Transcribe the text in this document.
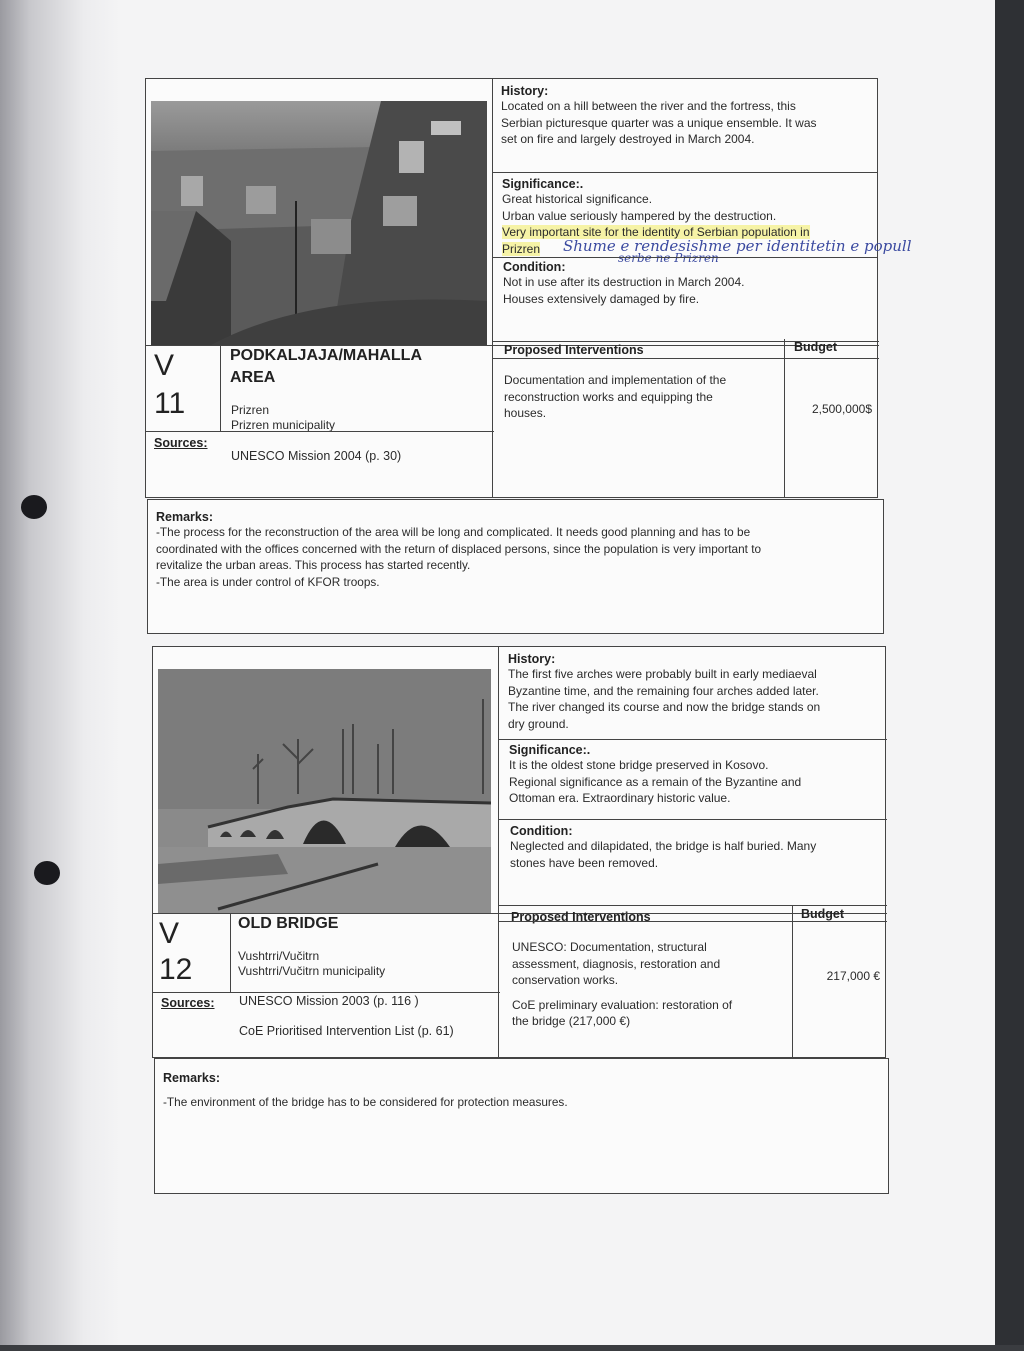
History:
Located on a hill between the river and the fortress, this
Serbian picturesque quarter was a unique ensemble. It was
set on fire and largely destroyed in March 2004.
Significance:.
Great historical significance.
Urban value seriously hampered by the destruction.
Very important site for the identity of Serbian population in
Prizren	Shume e rendesishme per identitetin e popull
serbe ne Prizren
Condition:
Not in use after its destruction in March 2004.
Houses extensively damaged by fire.
V
11
PODKALJAJA/MAHALLA
AREA
Prizren
Prizren municipality
Sources:
UNESCO Mission 2004 (p. 30)
Proposed Interventions	Budget
Documentation and implementation of the
reconstruction works and equipping the
houses.	2,500,000$
Remarks:
-The process for the reconstruction of the area will be long and complicated. It needs good planning and has to be
coordinated with the offices concerned with the return of displaced persons, since the population is very important to
revitalize the urban areas. This process has started recently.
-The area is under control of KFOR troops.
History:
The first five arches were probably built in early mediaeval
Byzantine time, and the remaining four arches added later.
The river changed its course and now the bridge stands on
dry ground.
Significance:.
It is the oldest stone bridge preserved in Kosovo.
Regional significance as a remain of the Byzantine and
Ottoman era. Extraordinary historic value.
Condition:
Neglected and dilapidated, the bridge is half buried. Many
stones have been removed.
V
12
OLD BRIDGE
Vushtrri/Vučitrn
Vushtrri/Vučitrn municipality
Sources: UNESCO Mission 2003 (p. 116 )
CoE Prioritised Intervention List (p. 61)
Proposed Interventions	Budget
UNESCO: Documentation, structural
assessment, diagnosis, restoration and
conservation works.
CoE preliminary evaluation: restoration of
the bridge (217,000 €)
217,000 €
Remarks:
-The environment of the bridge has to be considered for protection measures.
